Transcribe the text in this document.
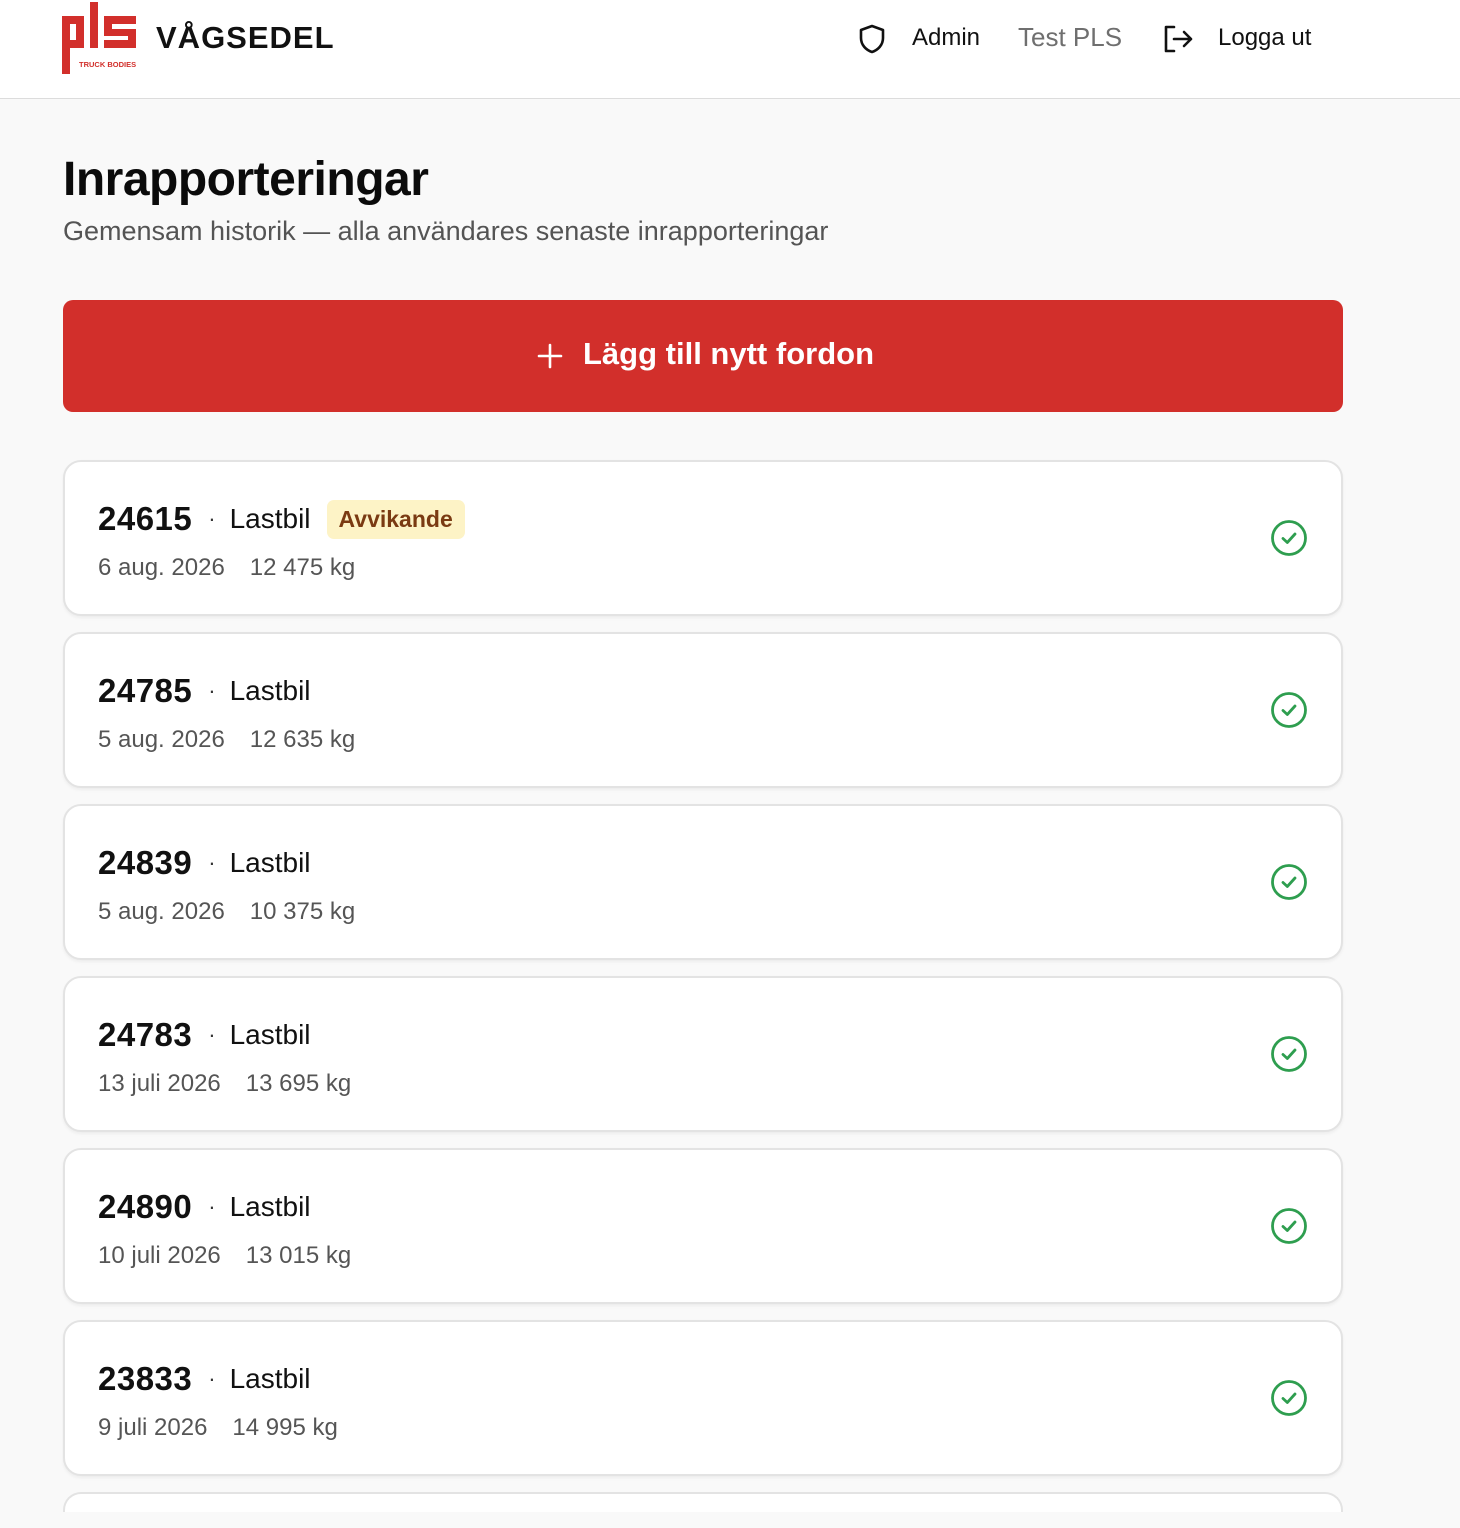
TRUCK BODIES
VÅGSEDEL	Admin Test PLS	Logga ut
Inrapporteringar

Gemensam historik — alla användares senaste inrapporteringar

Lägg till nytt fordon
24615 · Lastbil	Avvikande
6 aug. 2026 12 475 kg
24785 · Lastbil
5 aug. 2026 12 635 kg
24839 · Lastbil
5 aug. 2026 10 375 kg
24783 · Lastbil
13 juli 2026 13 695 kg
24890 · Lastbil
10 juli 2026 13 015 kg
23833 · Lastbil
9 juli 2026 14 995 kg
